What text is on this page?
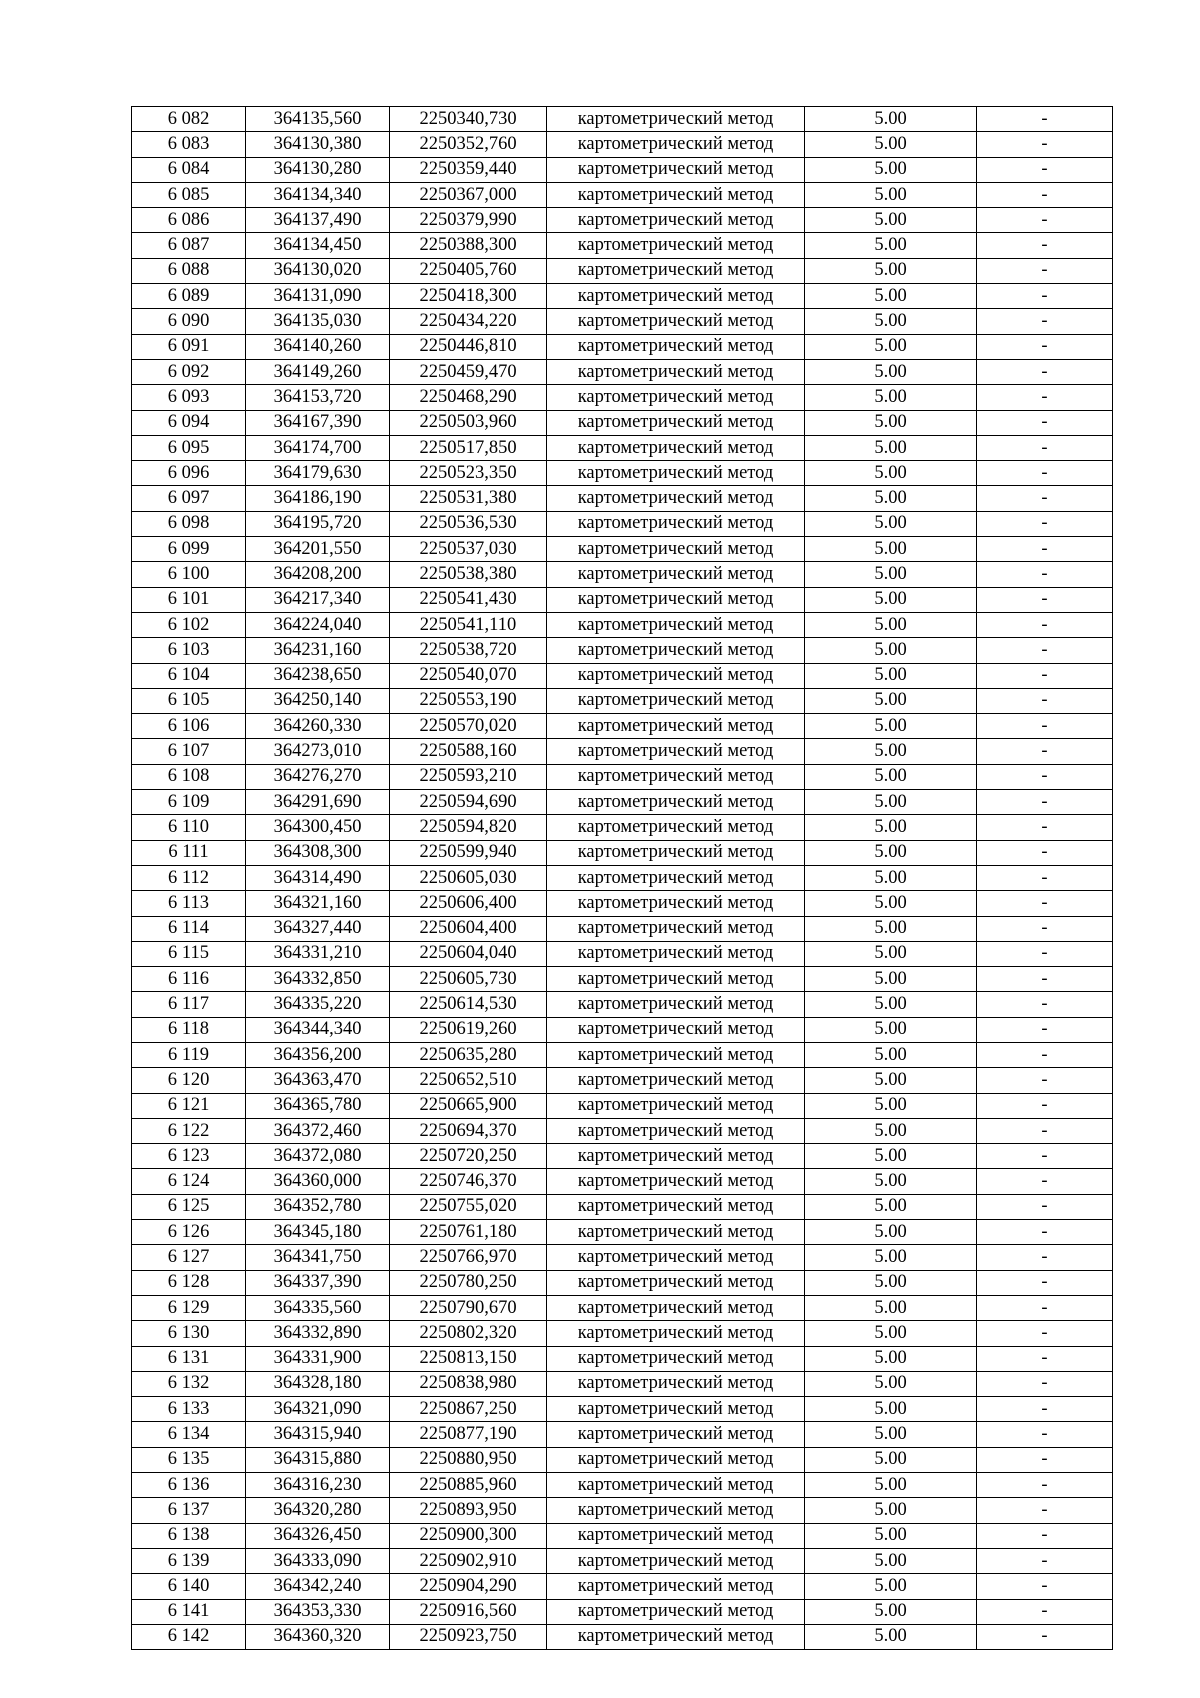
6 082	364135,560	2250340,730	картометрический метод	5.00	-
6 083	364130,380	2250352,760	картометрический метод	5.00	-
6 084	364130,280	2250359,440	картометрический метод	5.00	-
6 085	364134,340	2250367,000	картометрический метод	5.00	-
6 086	364137,490	2250379,990	картометрический метод	5.00	-
6 087	364134,450	2250388,300	картометрический метод	5.00	-
6 088	364130,020	2250405,760	картометрический метод	5.00	-
6 089	364131,090	2250418,300	картометрический метод	5.00	-
6 090	364135,030	2250434,220	картометрический метод	5.00	-
6 091	364140,260	2250446,810	картометрический метод	5.00	-
6 092	364149,260	2250459,470	картометрический метод	5.00	-
6 093	364153,720	2250468,290	картометрический метод	5.00	-
6 094	364167,390	2250503,960	картометрический метод	5.00	-
6 095	364174,700	2250517,850	картометрический метод	5.00	-
6 096	364179,630	2250523,350	картометрический метод	5.00	-
6 097	364186,190	2250531,380	картометрический метод	5.00	-
6 098	364195,720	2250536,530	картометрический метод	5.00	-
6 099	364201,550	2250537,030	картометрический метод	5.00	-
6 100	364208,200	2250538,380	картометрический метод	5.00	-
6 101	364217,340	2250541,430	картометрический метод	5.00	-
6 102	364224,040	2250541,110	картометрический метод	5.00	-
6 103	364231,160	2250538,720	картометрический метод	5.00	-
6 104	364238,650	2250540,070	картометрический метод	5.00	-
6 105	364250,140	2250553,190	картометрический метод	5.00	-
6 106	364260,330	2250570,020	картометрический метод	5.00	-
6 107	364273,010	2250588,160	картометрический метод	5.00	-
6 108	364276,270	2250593,210	картометрический метод	5.00	-
6 109	364291,690	2250594,690	картометрический метод	5.00	-
6 110	364300,450	2250594,820	картометрический метод	5.00	-
6 111	364308,300	2250599,940	картометрический метод	5.00	-
6 112	364314,490	2250605,030	картометрический метод	5.00	-
6 113	364321,160	2250606,400	картометрический метод	5.00	-
6 114	364327,440	2250604,400	картометрический метод	5.00	-
6 115	364331,210	2250604,040	картометрический метод	5.00	-
6 116	364332,850	2250605,730	картометрический метод	5.00	-
6 117	364335,220	2250614,530	картометрический метод	5.00	-
6 118	364344,340	2250619,260	картометрический метод	5.00	-
6 119	364356,200	2250635,280	картометрический метод	5.00	-
6 120	364363,470	2250652,510	картометрический метод	5.00	-
6 121	364365,780	2250665,900	картометрический метод	5.00	-
6 122	364372,460	2250694,370	картометрический метод	5.00	-
6 123	364372,080	2250720,250	картометрический метод	5.00	-
6 124	364360,000	2250746,370	картометрический метод	5.00	-
6 125	364352,780	2250755,020	картометрический метод	5.00	-
6 126	364345,180	2250761,180	картометрический метод	5.00	-
6 127	364341,750	2250766,970	картометрический метод	5.00	-
6 128	364337,390	2250780,250	картометрический метод	5.00	-
6 129	364335,560	2250790,670	картометрический метод	5.00	-
6 130	364332,890	2250802,320	картометрический метод	5.00	-
6 131	364331,900	2250813,150	картометрический метод	5.00	-
6 132	364328,180	2250838,980	картометрический метод	5.00	-
6 133	364321,090	2250867,250	картометрический метод	5.00	-
6 134	364315,940	2250877,190	картометрический метод	5.00	-
6 135	364315,880	2250880,950	картометрический метод	5.00	-
6 136	364316,230	2250885,960	картометрический метод	5.00	-
6 137	364320,280	2250893,950	картометрический метод	5.00	-
6 138	364326,450	2250900,300	картометрический метод	5.00	-
6 139	364333,090	2250902,910	картометрический метод	5.00	-
6 140	364342,240	2250904,290	картометрический метод	5.00	-
6 141	364353,330	2250916,560	картометрический метод	5.00	-
6 142	364360,320	2250923,750	картометрический метод	5.00	-
